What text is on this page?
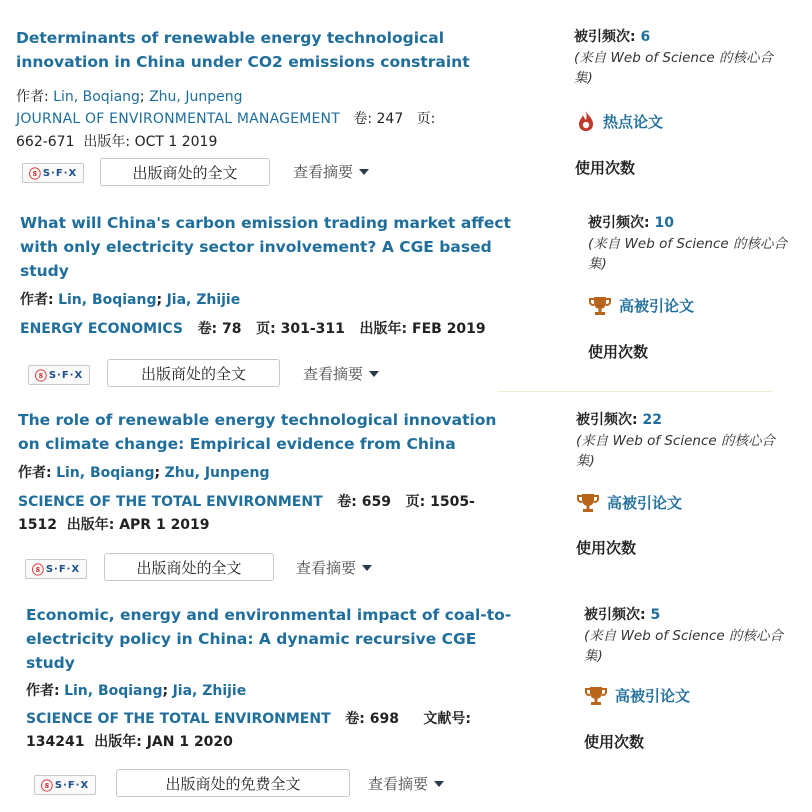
Determinants of renewable energy technological
innovation in China under CO2 emissions constraint
作者: Lin, Boqiang; Zhu, Junpeng
JOURNAL OF ENVIRONMENTAL MANAGEMENT 卷: 247 页:
662-671 出版年: OCT 1 2019
ⓢ S·F·X	出版商处的全文	查看摘要
被引频次: 6
(来自 Web of Science 的核心合集)
热点论文
使用次数
What will China's carbon emission trading market affect
with only electricity sector involvement? A CGE based
study
作者: Lin, Boqiang; Jia, Zhijie
ENERGY ECONOMICS 卷: 78 页: 301-311 出版年: FEB 2019
ⓢ S·F·X	出版商处的全文	查看摘要
被引频次: 10
(来自 Web of Science 的核心合集)
高被引论文
使用次数
The role of renewable energy technological innovation
on climate change: Empirical evidence from China
作者: Lin, Boqiang; Zhu, Junpeng
SCIENCE OF THE TOTAL ENVIRONMENT 卷: 659 页: 1505-
1512 出版年: APR 1 2019
ⓢ S·F·X	出版商处的全文	查看摘要
被引频次: 22
(来自 Web of Science 的核心合集)
高被引论文
使用次数
Economic, energy and environmental impact of coal-to-
electricity policy in China: A dynamic recursive CGE
study
作者: Lin, Boqiang; Jia, Zhijie
SCIENCE OF THE TOTAL ENVIRONMENT 卷: 698 文献号:
134241 出版年: JAN 1 2020
ⓢ S·F·X	出版商处的免费全文	查看摘要
被引频次: 5
(来自 Web of Science 的核心合集)
高被引论文
使用次数
